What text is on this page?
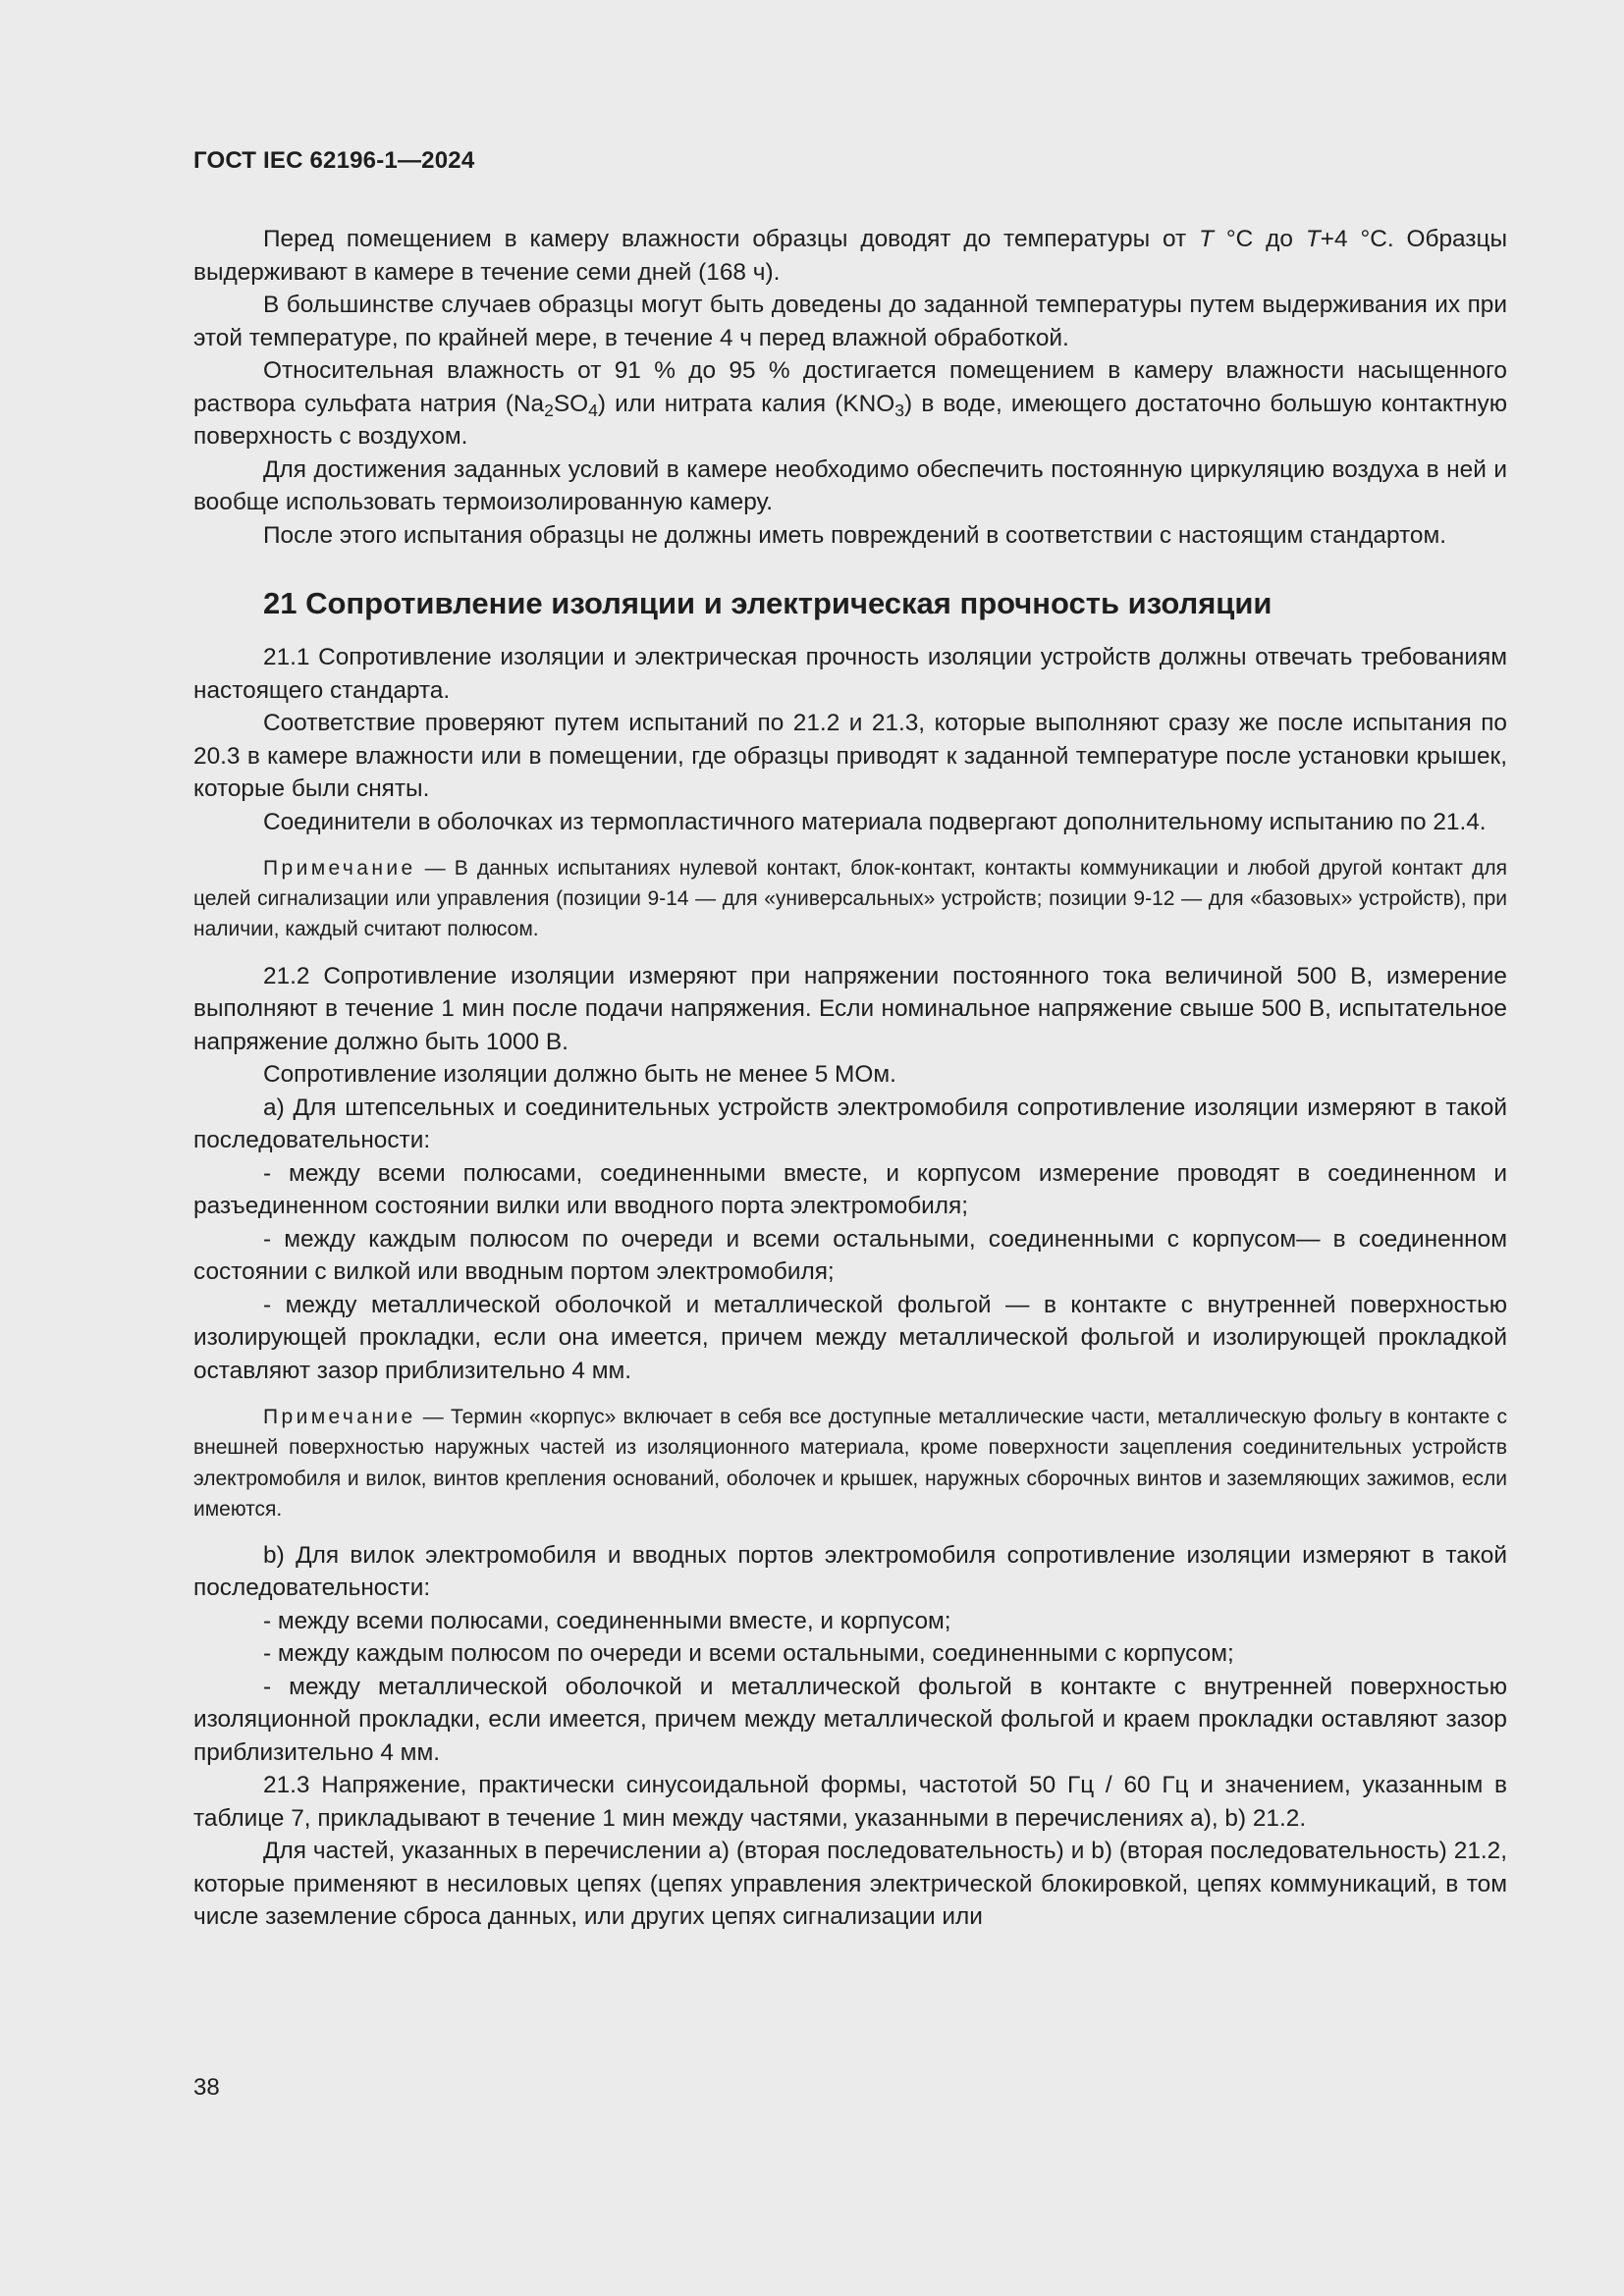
ГОСТ IEC 62196-1—2024

Перед помещением в камеру влажности образцы доводят до температуры от T °C до T+4 °C. Образцы выдерживают в камере в течение семи дней (168 ч).

В большинстве случаев образцы могут быть доведены до заданной температуры путем выдерживания их при этой температуре, по крайней мере, в течение 4 ч перед влажной обработкой.

Относительная влажность от 91 % до 95 % достигается помещением в камеру влажности насыщенного раствора сульфата натрия $(Na_2SO_4)$ или нитрата калия $(KNO_3)$ в воде, имеющего достаточно большую контактную поверхность с воздухом.

Для достижения заданных условий в камере необходимо обеспечить постоянную циркуляцию воздуха в ней и вообще использовать термоизолированную камеру.

После этого испытания образцы не должны иметь повреждений в соответствии с настоящим стандартом.

21 Сопротивление изоляции и электрическая прочность изоляции

21.1 Сопротивление изоляции и электрическая прочность изоляции устройств должны отвечать требованиям настоящего стандарта.

Соответствие проверяют путем испытаний по 21.2 и 21.3, которые выполняют сразу же после испытания по 20.3 в камере влажности или в помещении, где образцы приводят к заданной температуре после установки крышек, которые были сняты.

Соединители в оболочках из термопластичного материала подвергают дополнительному испытанию по 21.4.

Примечание — В данных испытаниях нулевой контакт, блок-контакт, контакты коммуникации и любой другой контакт для целей сигнализации или управления (позиции 9-14 — для «универсальных» устройств; позиции 9-12 — для «базовых» устройств), при наличии, каждый считают полюсом.

21.2 Сопротивление изоляции измеряют при напряжении постоянного тока величиной 500 В, измерение выполняют в течение 1 мин после подачи напряжения. Если номинальное напряжение свыше 500 В, испытательное напряжение должно быть 1000 В.

Сопротивление изоляции должно быть не менее 5 МОм.

a) Для штепсельных и соединительных устройств электромобиля сопротивление изоляции измеряют в такой последовательности:

- между всеми полюсами, соединенными вместе, и корпусом измерение проводят в соединенном и разъединенном состоянии вилки или вводного порта электромобиля;

- между каждым полюсом по очереди и всеми остальными, соединенными с корпусом— в соединенном состоянии с вилкой или вводным портом электромобиля;

- между металлической оболочкой и металлической фольгой — в контакте с внутренней поверхностью изолирующей прокладки, если она имеется, причем между металлической фольгой и изолирующей прокладкой оставляют зазор приблизительно 4 мм.

Примечание — Термин «корпус» включает в себя все доступные металлические части, металлическую фольгу в контакте с внешней поверхностью наружных частей из изоляционного материала, кроме поверхности зацепления соединительных устройств электромобиля и вилок, винтов крепления оснований, оболочек и крышек, наружных сборочных винтов и заземляющих зажимов, если имеются.

b) Для вилок электромобиля и вводных портов электромобиля сопротивление изоляции измеряют в такой последовательности:

- между всеми полюсами, соединенными вместе, и корпусом;

- между каждым полюсом по очереди и всеми остальными, соединенными с корпусом;

- между металлической оболочкой и металлической фольгой в контакте с внутренней поверхностью изоляционной прокладки, если имеется, причем между металлической фольгой и краем прокладки оставляют зазор приблизительно 4 мм.

21.3 Напряжение, практически синусоидальной формы, частотой 50 Гц / 60 Гц и значением, указанным в таблице 7, прикладывают в течение 1 мин между частями, указанными в перечислениях a), b) 21.2.

Для частей, указанных в перечислении a) (вторая последовательность) и b) (вторая последовательность) 21.2, которые применяют в несиловых цепях (цепях управления электрической блокировкой, цепях коммуникаций, в том числе заземление сброса данных, или других цепях сигнализации или

38
